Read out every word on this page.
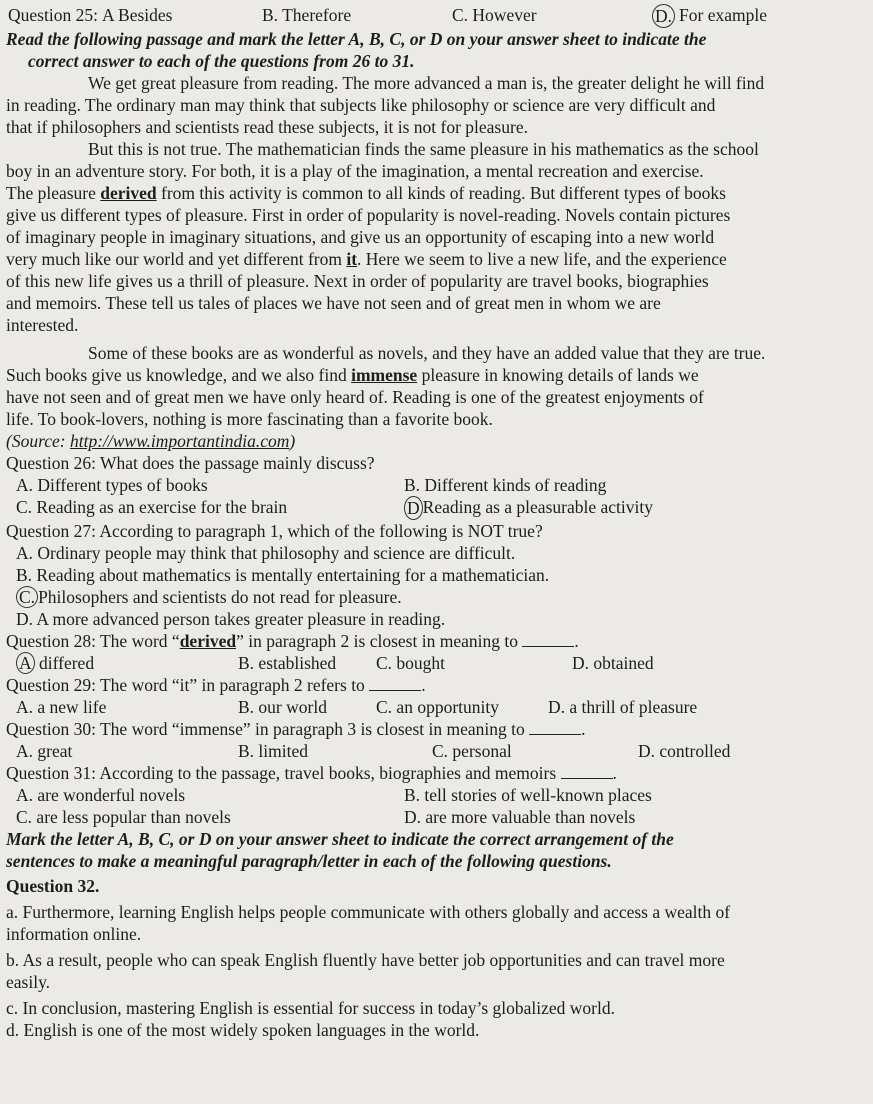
Question 25: A Besides	B. Therefore	C. However	D. For example
Read the following passage and mark the letter A, B, C, or D on your answer sheet to indicate the
correct answer to each of the questions from 26 to 31.
We get great pleasure from reading. The more advanced a man is, the greater delight he will find
in reading. The ordinary man may think that subjects like philosophy or science are very difficult and
that if philosophers and scientists read these subjects, it is not for pleasure.
But this is not true. The mathematician finds the same pleasure in his mathematics as the school
boy in an adventure story. For both, it is a play of the imagination, a mental recreation and exercise.
The pleasure derived from this activity is common to all kinds of reading. But different types of books
give us different types of pleasure. First in order of popularity is novel-reading. Novels contain pictures
of imaginary people in imaginary situations, and give us an opportunity of escaping into a new world
very much like our world and yet different from it. Here we seem to live a new life, and the experience
of this new life gives us a thrill of pleasure. Next in order of popularity are travel books, biographies
and memoirs. These tell us tales of places we have not seen and of great men in whom we are
interested.
Some of these books are as wonderful as novels, and they have an added value that they are true.
Such books give us knowledge, and we also find immense pleasure in knowing details of lands we
have not seen and of great men we have only heard of. Reading is one of the greatest enjoyments of
life. To book-lovers, nothing is more fascinating than a favorite book.
(Source: http://www.importantindia.com)
Question 26: What does the passage mainly discuss?
A. Different types of books	B. Different kinds of reading
C. Reading as an exercise for the brain	D Reading as a pleasurable activity
Question 27: According to paragraph 1, which of the following is NOT true?
A. Ordinary people may think that philosophy and science are difficult.
B. Reading about mathematics is mentally entertaining for a mathematician.
C. Philosophers and scientists do not read for pleasure.
D. A more advanced person takes greater pleasure in reading.
Question 28: The word “derived” in paragraph 2 is closest in meaning to	.
A differed	B. established	C. bought	D. obtained
Question 29: The word “it” in paragraph 2 refers to	.
A. a new life	B. our world	C. an opportunity	D. a thrill of pleasure
Question 30: The word “immense” in paragraph 3 is closest in meaning to	.
A. great	B. limited	C. personal	D. controlled
Question 31: According to the passage, travel books, biographies and memoirs	.
A. are wonderful novels	B. tell stories of well-known places
C. are less popular than novels	D. are more valuable than novels
Mark the letter A, B, C, or D on your answer sheet to indicate the correct arrangement of the
sentences to make a meaningful paragraph/letter in each of the following questions.
Question 32.
a. Furthermore, learning English helps people communicate with others globally and access a wealth of
information online.
b. As a result, people who can speak English fluently have better job opportunities and can travel more
easily.
c. In conclusion, mastering English is essential for success in today’s globalized world.
d. English is one of the most widely spoken languages in the world.
